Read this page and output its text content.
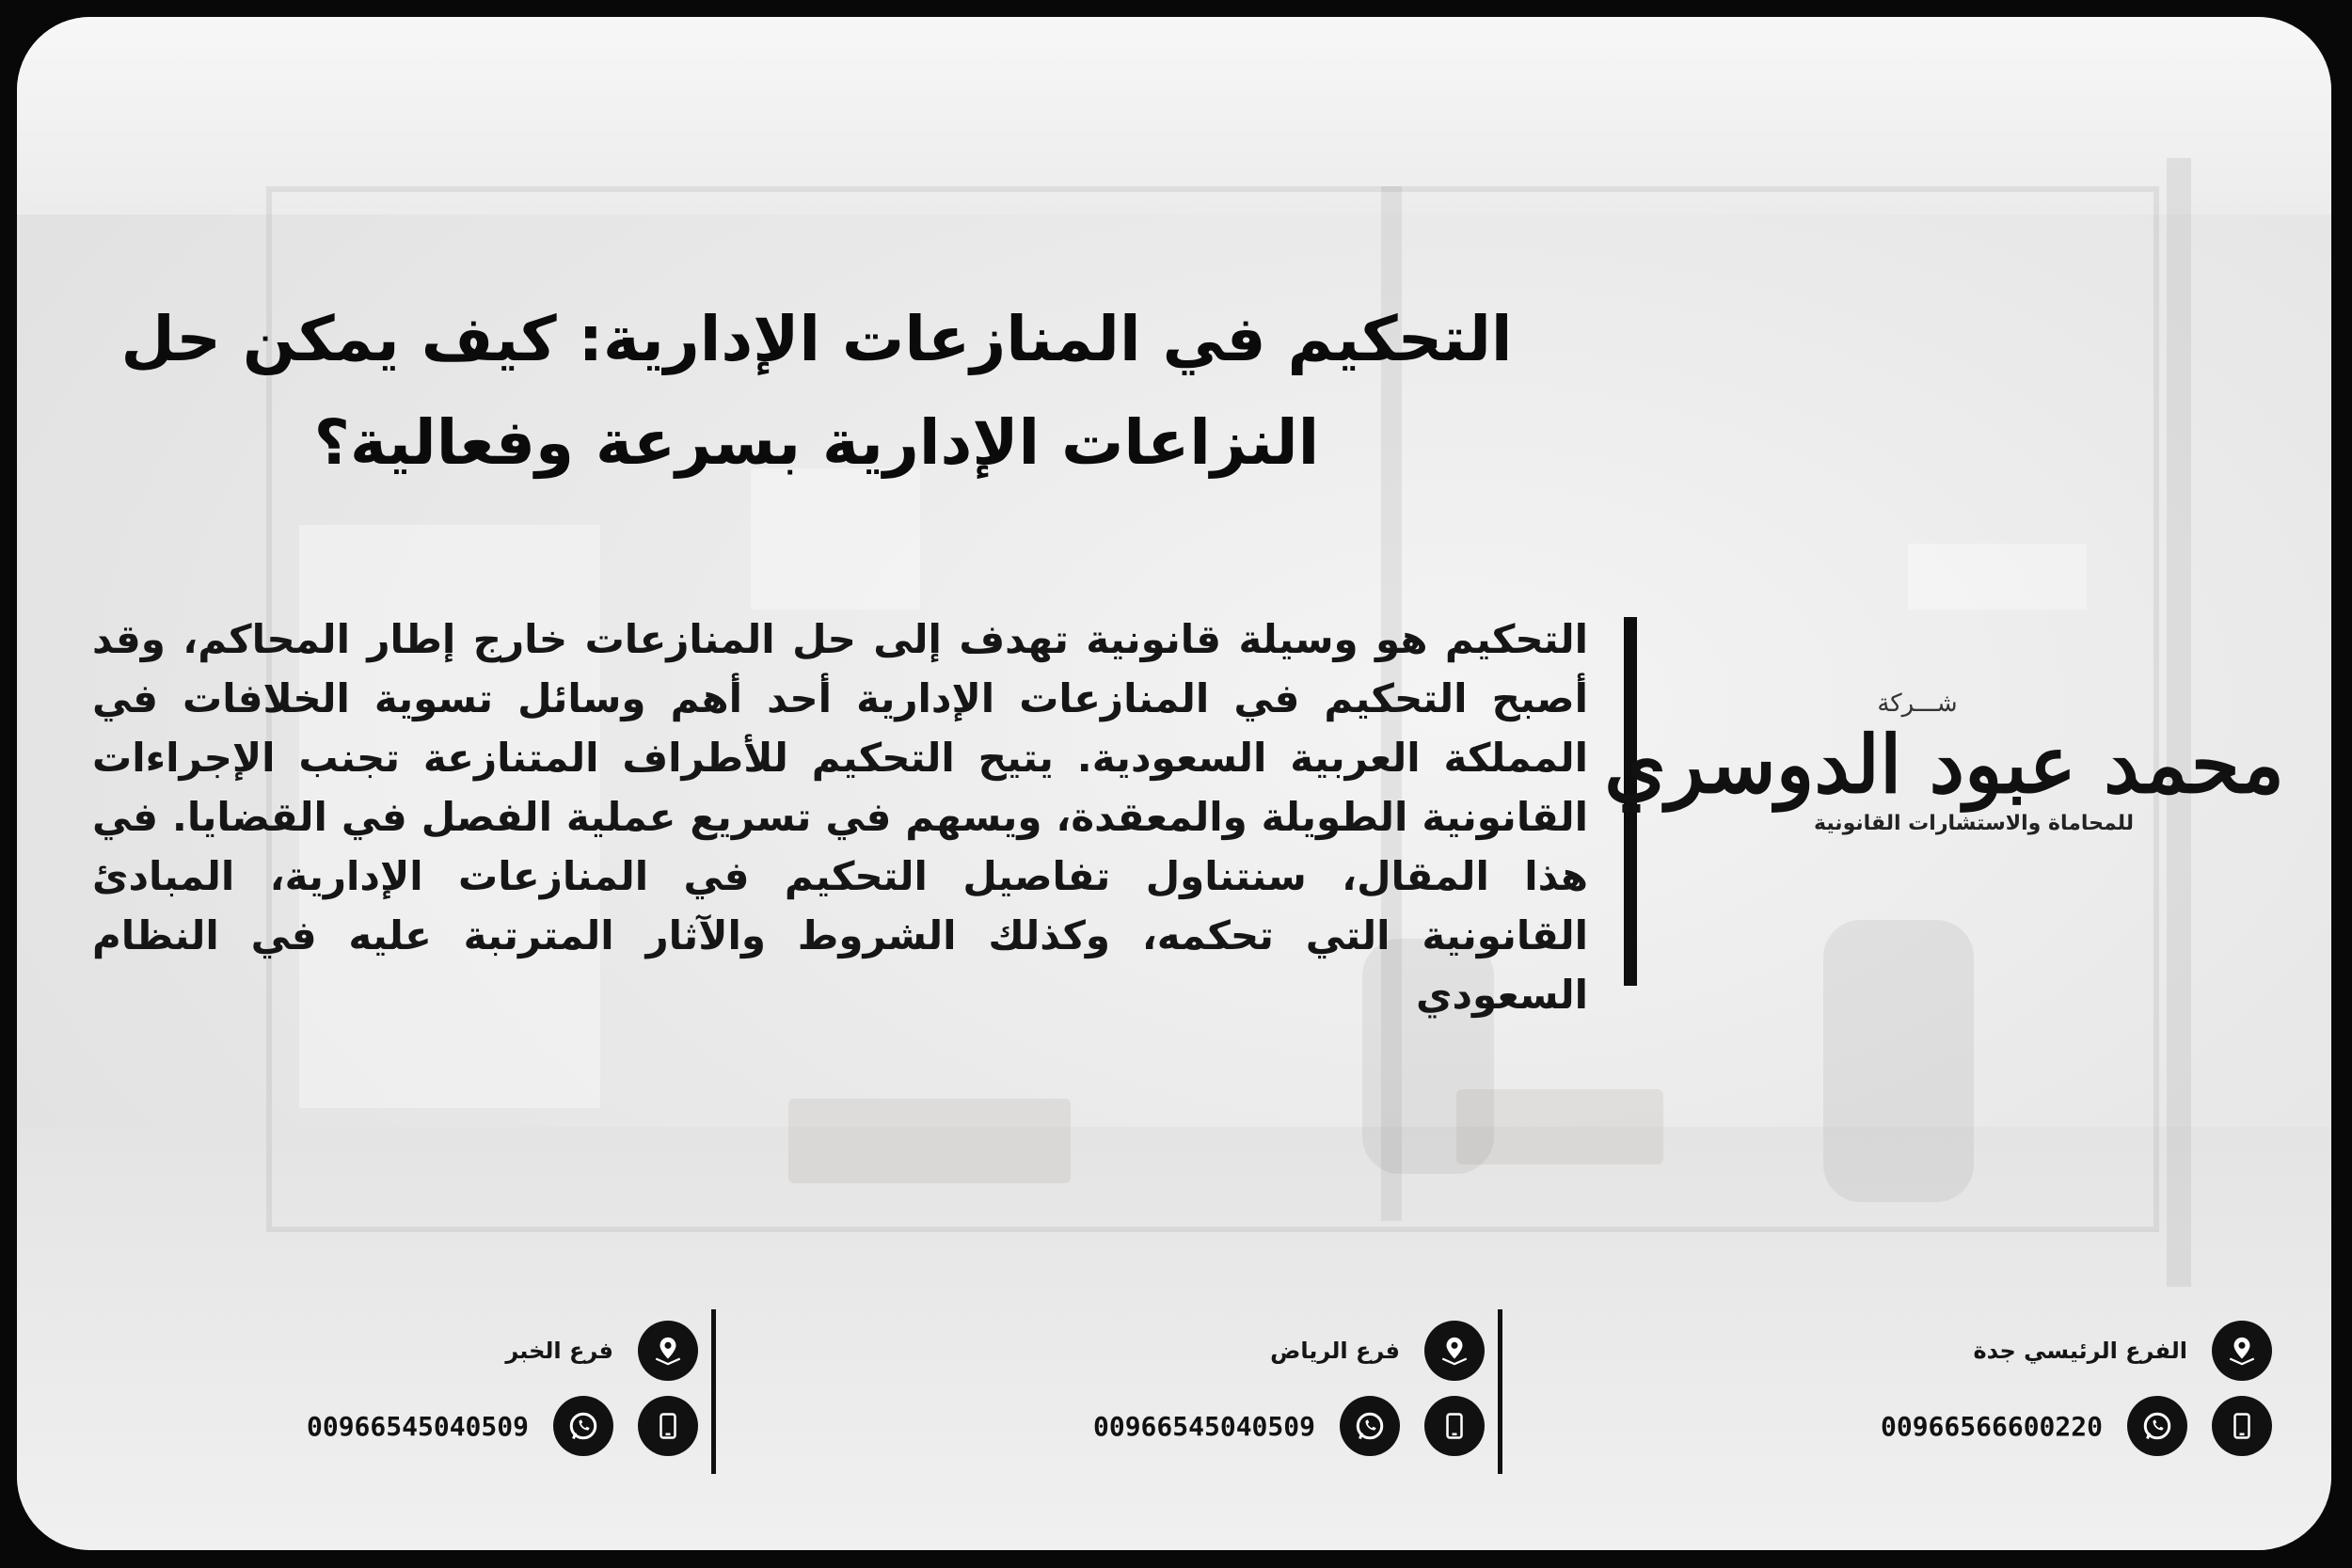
التحكيم في المنازعات الإدارية: كيف يمكن حل النزاعات الإدارية بسرعة وفعالية؟

التحكيم هو وسيلة قانونية تهدف إلى حل المنازعات خارج إطار المحاكم، وقد أصبح التحكيم في المنازعات الإدارية أحد أهم وسائل تسوية الخلافات في المملكة العربية السعودية. يتيح التحكيم للأطراف المتنازعة تجنب الإجراءات القانونية الطويلة والمعقدة، ويسهم في تسريع عملية الفصل في القضايا. في هذا المقال، سنتناول تفاصيل التحكيم في المنازعات الإدارية، المبادئ القانونية التي تحكمه، وكذلك الشروط والآثار المترتبة عليه في النظام السعودي

شـــركة
محمد عبود الدوسري
للمحاماة والاستشارات القانونية
الفرع الرئيسي جدة
00966566600220
فرع الرياض
00966545040509
فرع الخبر
00966545040509
